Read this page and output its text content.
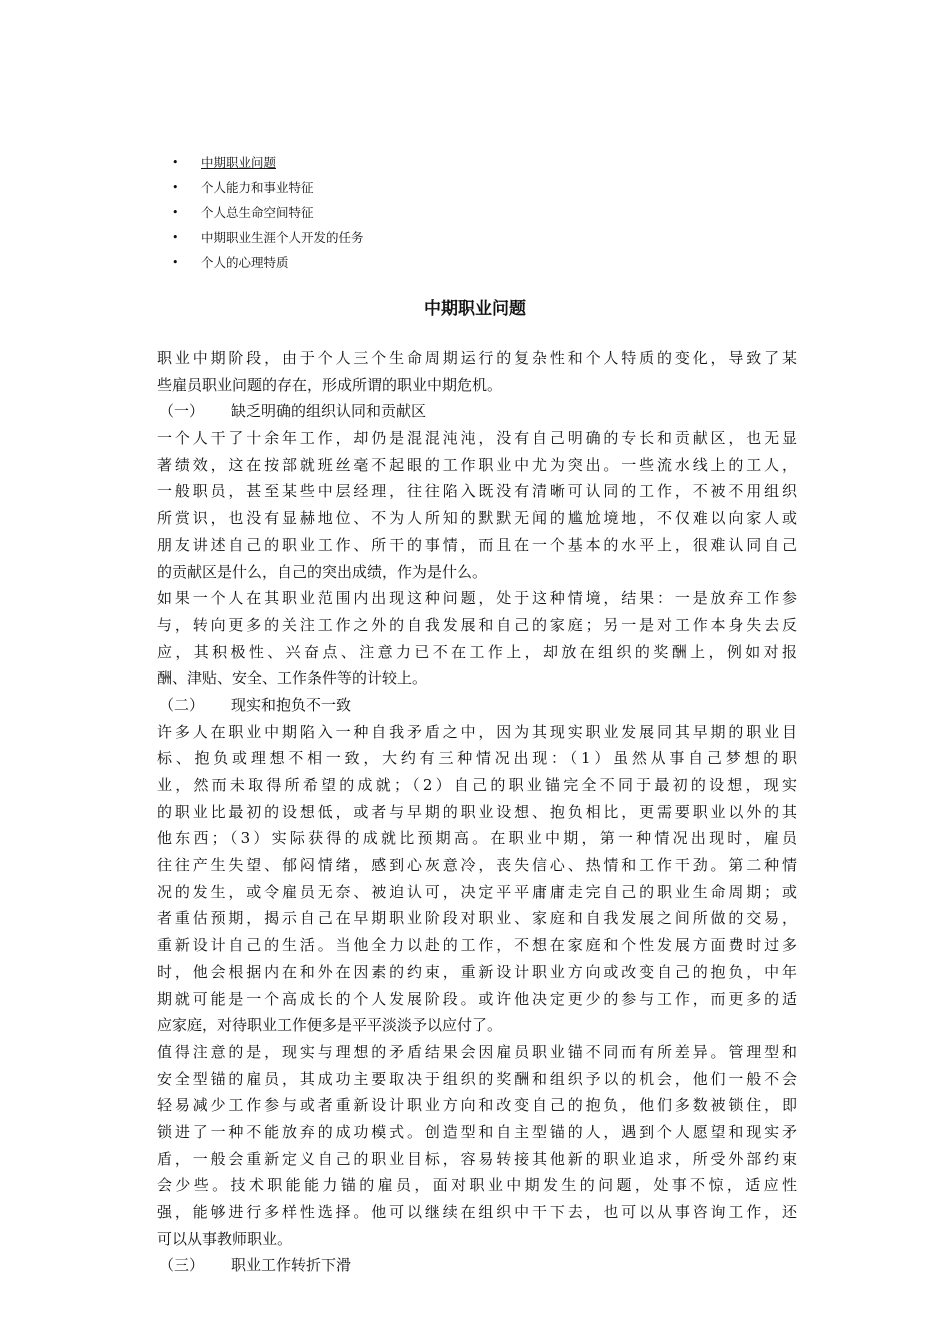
• 中期职业问题
• 个人能力和事业特征
• 个人总生命空间特征
• 中期职业生涯个人开发的任务
• 个人的心理特质
中期职业问题
职业中期阶段，由于个人三个生命周期运行的复杂性和个人特质的变化，导致了某
些雇员职业问题的存在，形成所谓的职业中期危机。
（一） 缺乏明确的组织认同和贡献区
一个人干了十余年工作，却仍是混混沌沌，没有自己明确的专长和贡献区，也无显
著绩效，这在按部就班丝毫不起眼的工作职业中尤为突出。一些流水线上的工人，
一般职员，甚至某些中层经理，往往陷入既没有清晰可认同的工作，不被不用组织
所赏识，也没有显赫地位、不为人所知的默默无闻的尴尬境地，不仅难以向家人或
朋友讲述自己的职业工作、所干的事情，而且在一个基本的水平上，很难认同自己
的贡献区是什么，自己的突出成绩，作为是什么。
如果一个人在其职业范围内出现这种问题，处于这种情境，结果：一是放弃工作参
与，转向更多的关注工作之外的自我发展和自己的家庭；另一是对工作本身失去反
应，其积极性、兴奋点、注意力已不在工作上，却放在组织的奖酬上，例如对报
酬、津贴、安全、工作条件等的计较上。
（二） 现实和抱负不一致
许多人在职业中期陷入一种自我矛盾之中，因为其现实职业发展同其早期的职业目
标、抱负或理想不相一致，大约有三种情况出现：（1）虽然从事自己梦想的职
业，然而未取得所希望的成就；（2）自己的职业锚完全不同于最初的设想，现实
的职业比最初的设想低，或者与早期的职业设想、抱负相比，更需要职业以外的其
他东西；（3）实际获得的成就比预期高。在职业中期，第一种情况出现时，雇员
往往产生失望、郁闷情绪，感到心灰意冷，丧失信心、热情和工作干劲。第二种情
况的发生，或令雇员无奈、被迫认可，决定平平庸庸走完自己的职业生命周期；或
者重估预期，揭示自己在早期职业阶段对职业、家庭和自我发展之间所做的交易，
重新设计自己的生活。当他全力以赴的工作，不想在家庭和个性发展方面费时过多
时，他会根据内在和外在因素的约束，重新设计职业方向或改变自己的抱负，中年
期就可能是一个高成长的个人发展阶段。或许他决定更少的参与工作，而更多的适
应家庭，对待职业工作便多是平平淡淡予以应付了。
值得注意的是，现实与理想的矛盾结果会因雇员职业锚不同而有所差异。管理型和
安全型锚的雇员，其成功主要取决于组织的奖酬和组织予以的机会，他们一般不会
轻易减少工作参与或者重新设计职业方向和改变自己的抱负，他们多数被锁住，即
锁进了一种不能放弃的成功模式。创造型和自主型锚的人，遇到个人愿望和现实矛
盾，一般会重新定义自己的职业目标，容易转接其他新的职业追求，所受外部约束
会少些。技术职能能力锚的雇员，面对职业中期发生的问题，处事不惊，适应性
强，能够进行多样性选择。他可以继续在组织中干下去，也可以从事咨询工作，还
可以从事教师职业。
（三） 职业工作转折下滑
